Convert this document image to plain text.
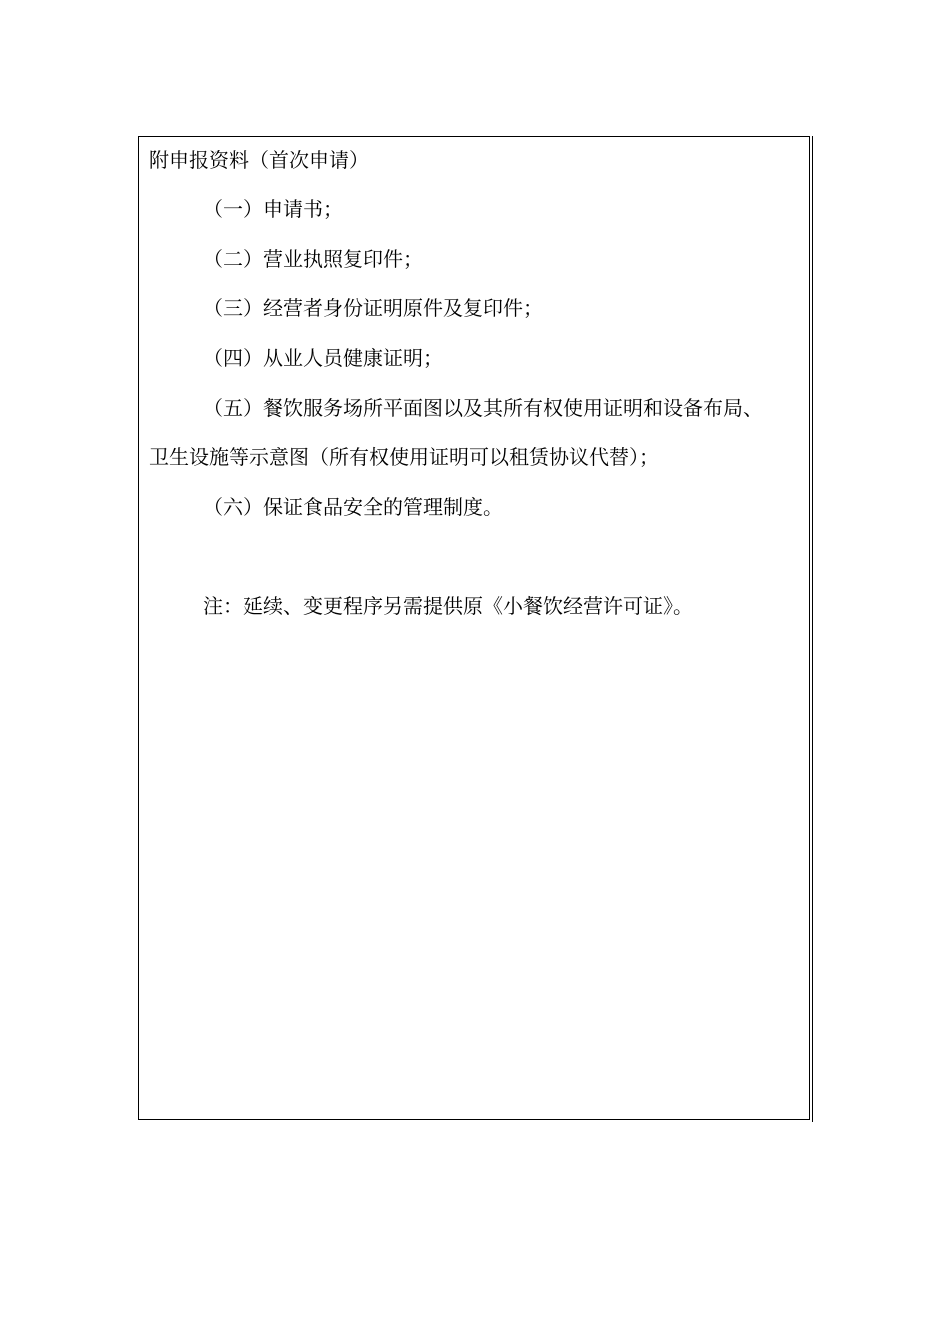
附申报资料（首次申请）

（一）申请书；

（二）营业执照复印件；

（三）经营者身份证明原件及复印件；

（四）从业人员健康证明；

（五）餐饮服务场所平面图以及其所有权使用证明和设备布局、

卫生设施等示意图（所有权使用证明可以租赁协议代替）；

（六）保证食品安全的管理制度。

注：延续、变更程序另需提供原《小餐饮经营许可证》。
